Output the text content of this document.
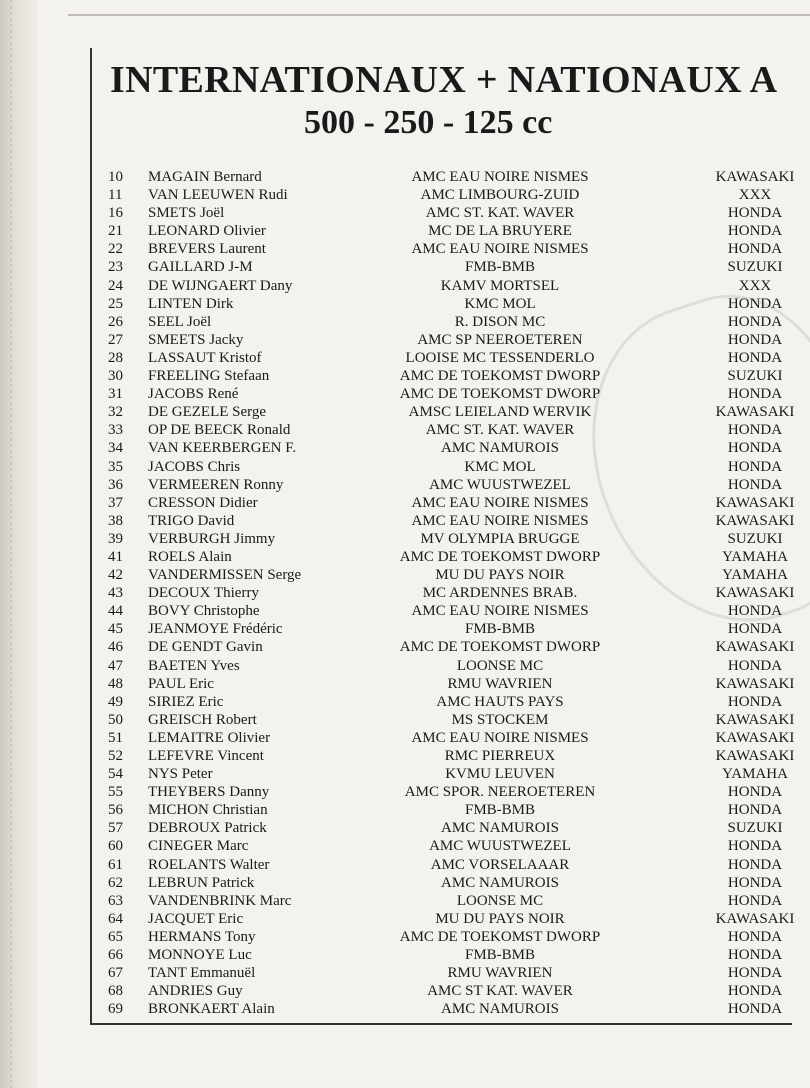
INTERNATIONAUX + NATIONAUX A
500 - 250 - 125 cc
10	MAGAIN Bernard	AMC EAU NOIRE NISMES	KAWASAKI
11	VAN LEEUWEN Rudi	AMC LIMBOURG-ZUID	XXX
16	SMETS Joël	AMC ST. KAT. WAVER	HONDA
21	LEONARD Olivier	MC DE LA BRUYERE	HONDA
22	BREVERS Laurent	AMC EAU NOIRE NISMES	HONDA
23	GAILLARD J-M	FMB-BMB	SUZUKI
24	DE WIJNGAERT Dany	KAMV MORTSEL	XXX
25	LINTEN Dirk	KMC MOL	HONDA
26	SEEL Joël	R. DISON MC	HONDA
27	SMEETS Jacky	AMC SP NEEROETEREN	HONDA
28	LASSAUT Kristof	LOOISE MC TESSENDERLO	HONDA
30	FREELING Stefaan	AMC DE TOEKOMST DWORP	SUZUKI
31	JACOBS René	AMC DE TOEKOMST DWORP	HONDA
32	DE GEZELE Serge	AMSC LEIELAND WERVIK	KAWASAKI
33	OP DE BEECK Ronald	AMC ST. KAT. WAVER	HONDA
34	VAN KEERBERGEN F.	AMC NAMUROIS	HONDA
35	JACOBS Chris	KMC MOL	HONDA
36	VERMEEREN Ronny	AMC WUUSTWEZEL	HONDA
37	CRESSON Didier	AMC EAU NOIRE NISMES	KAWASAKI
38	TRIGO David	AMC EAU NOIRE NISMES	KAWASAKI
39	VERBURGH Jimmy	MV OLYMPIA BRUGGE	SUZUKI
41	ROELS Alain	AMC DE TOEKOMST DWORP	YAMAHA
42	VANDERMISSEN Serge	MU DU PAYS NOIR	YAMAHA
43	DECOUX Thierry	MC ARDENNES BRAB.	KAWASAKI
44	BOVY Christophe	AMC EAU NOIRE NISMES	HONDA
45	JEANMOYE Frédéric	FMB-BMB	HONDA
46	DE GENDT Gavin	AMC DE TOEKOMST DWORP	KAWASAKI
47	BAETEN Yves	LOONSE MC	HONDA
48	PAUL Eric	RMU WAVRIEN	KAWASAKI
49	SIRIEZ Eric	AMC HAUTS PAYS	HONDA
50	GREISCH Robert	MS STOCKEM	KAWASAKI
51	LEMAITRE Olivier	AMC EAU NOIRE NISMES	KAWASAKI
52	LEFEVRE Vincent	RMC PIERREUX	KAWASAKI
54	NYS Peter	KVMU LEUVEN	YAMAHA
55	THEYBERS Danny	AMC SPOR. NEEROETEREN	HONDA
56	MICHON Christian	FMB-BMB	HONDA
57	DEBROUX Patrick	AMC NAMUROIS	SUZUKI
60	CINEGER Marc	AMC WUUSTWEZEL	HONDA
61	ROELANTS Walter	AMC VORSELAAAR	HONDA
62	LEBRUN Patrick	AMC NAMUROIS	HONDA
63	VANDENBRINK Marc	LOONSE MC	HONDA
64	JACQUET Eric	MU DU PAYS NOIR	KAWASAKI
65	HERMANS Tony	AMC DE TOEKOMST DWORP	HONDA
66	MONNOYE Luc	FMB-BMB	HONDA
67	TANT Emmanuël	RMU WAVRIEN	HONDA
68	ANDRIES Guy	AMC ST KAT. WAVER	HONDA
69	BRONKAERT Alain	AMC NAMUROIS	HONDA
